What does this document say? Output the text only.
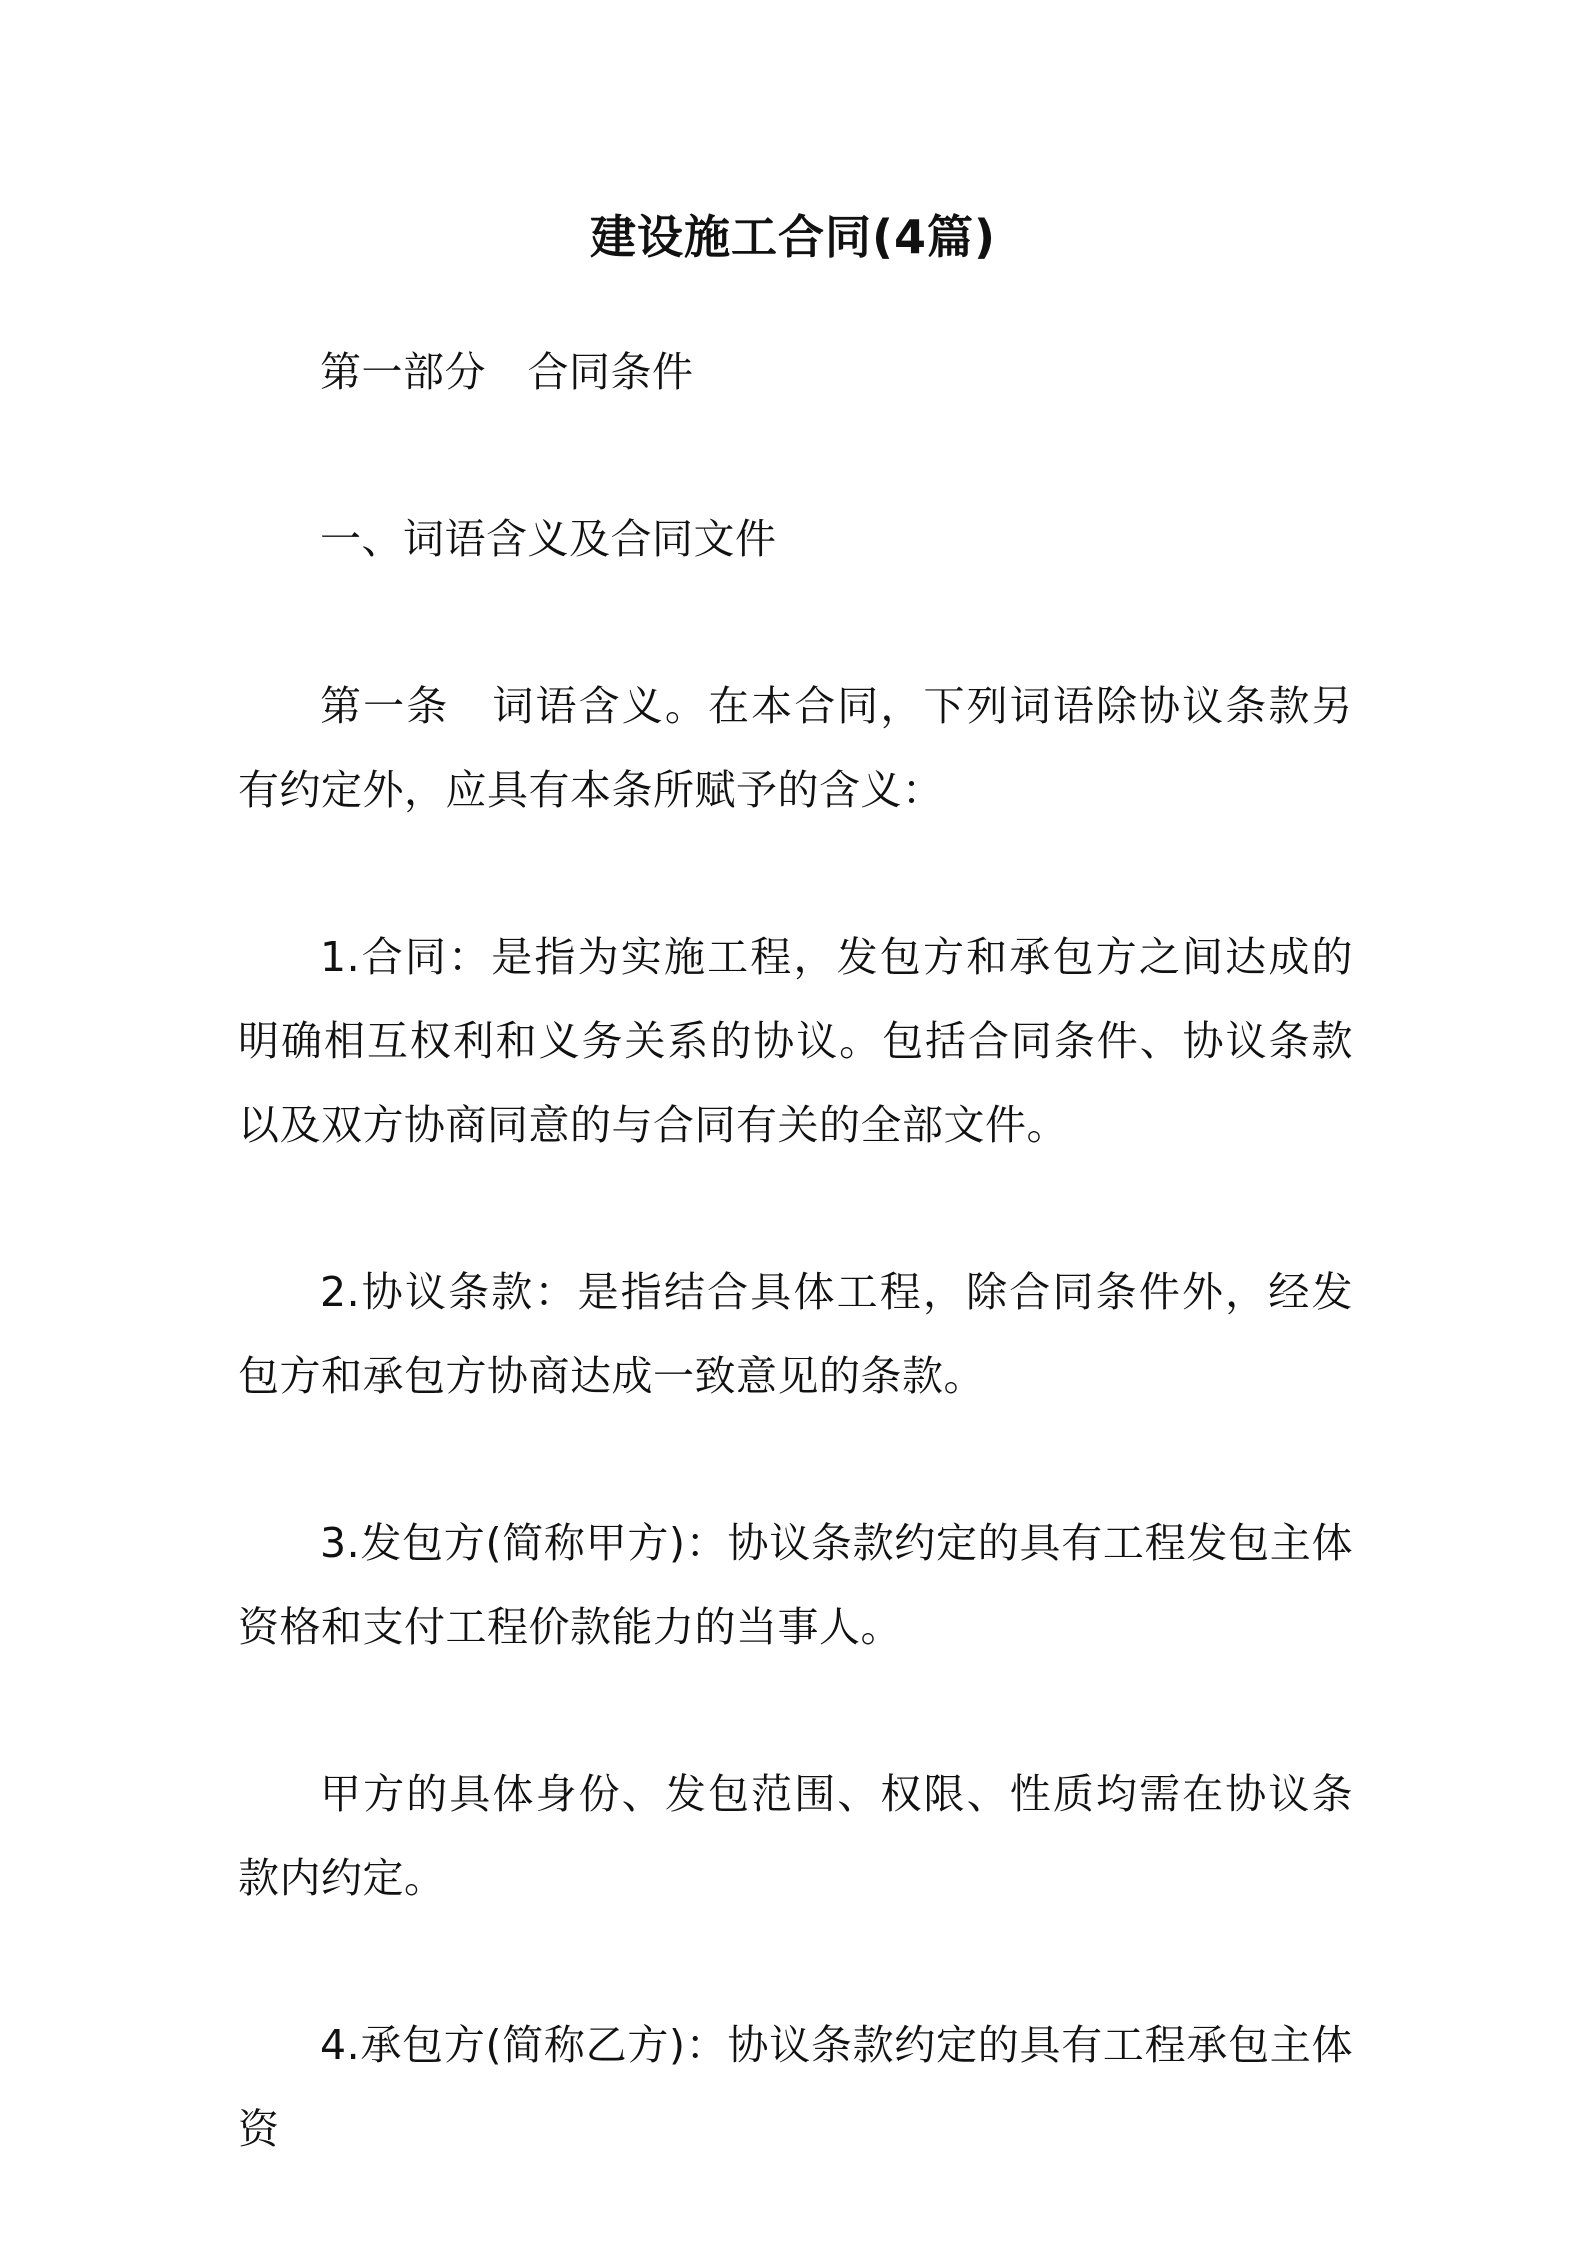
建设施工合同(4篇)

第一部分　合同条件

一、词语含义及合同文件

第一条　词语含义。在本合同，下列词语除协议条款另有约定外，应具有本条所赋予的含义：

1.合同：是指为实施工程，发包方和承包方之间达成的明确相互权利和义务关系的协议。包括合同条件、协议条款以及双方协商同意的与合同有关的全部文件。

2.协议条款：是指结合具体工程，除合同条件外，经发包方和承包方协商达成一致意见的条款。

3.发包方(简称甲方)：协议条款约定的具有工程发包主体资格和支付工程价款能力的当事人。

甲方的具体身份、发包范围、权限、性质均需在协议条款内约定。

4.承包方(简称乙方)：协议条款约定的具有工程承包主体资
